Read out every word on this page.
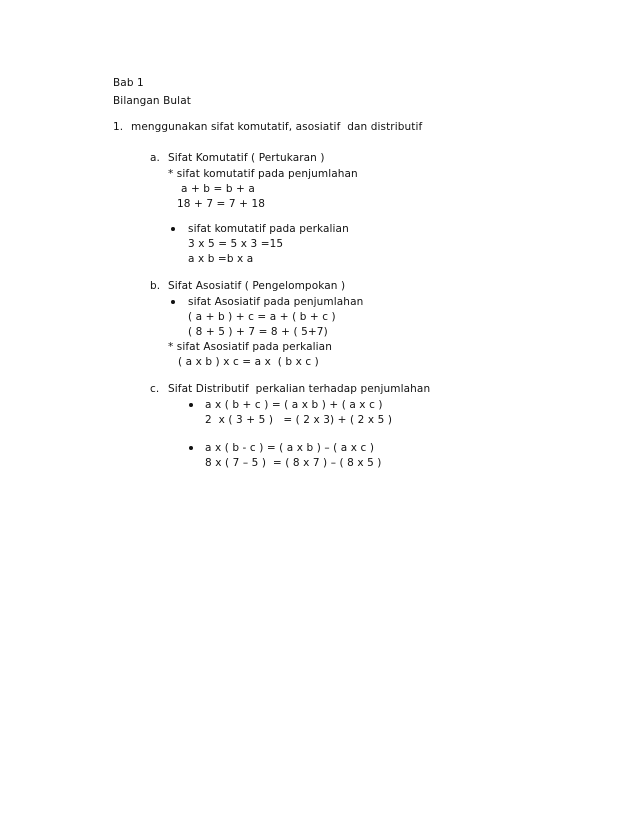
Bab 1
Bilangan Bulat
1. menggunakan sifat komutatif, asosiatif  dan distributif
a. Sifat Komutatif ( Pertukaran )
* sifat komutatif pada penjumlahan
a + b = b + a
18 + 7 = 7 + 18
sifat komutatif pada perkalian
3 x 5 = 5 x 3 =15
a x b =b x a
b. Sifat Asosiatif ( Pengelompokan )
sifat Asosiatif pada penjumlahan
( a + b ) + c = a + ( b + c )
( 8 + 5 ) + 7 = 8 + ( 5+7)
* sifat Asosiatif pada perkalian
( a x b ) x c = a x  ( b x c )
c. Sifat Distributif  perkalian terhadap penjumlahan
a x ( b + c ) = ( a x b ) + ( a x c )
2  x ( 3 + 5 )   = ( 2 x 3) + ( 2 x 5 )
a x ( b - c ) = ( a x b ) – ( a x c )
8 x ( 7 – 5 )  = ( 8 x 7 ) – ( 8 x 5 )
